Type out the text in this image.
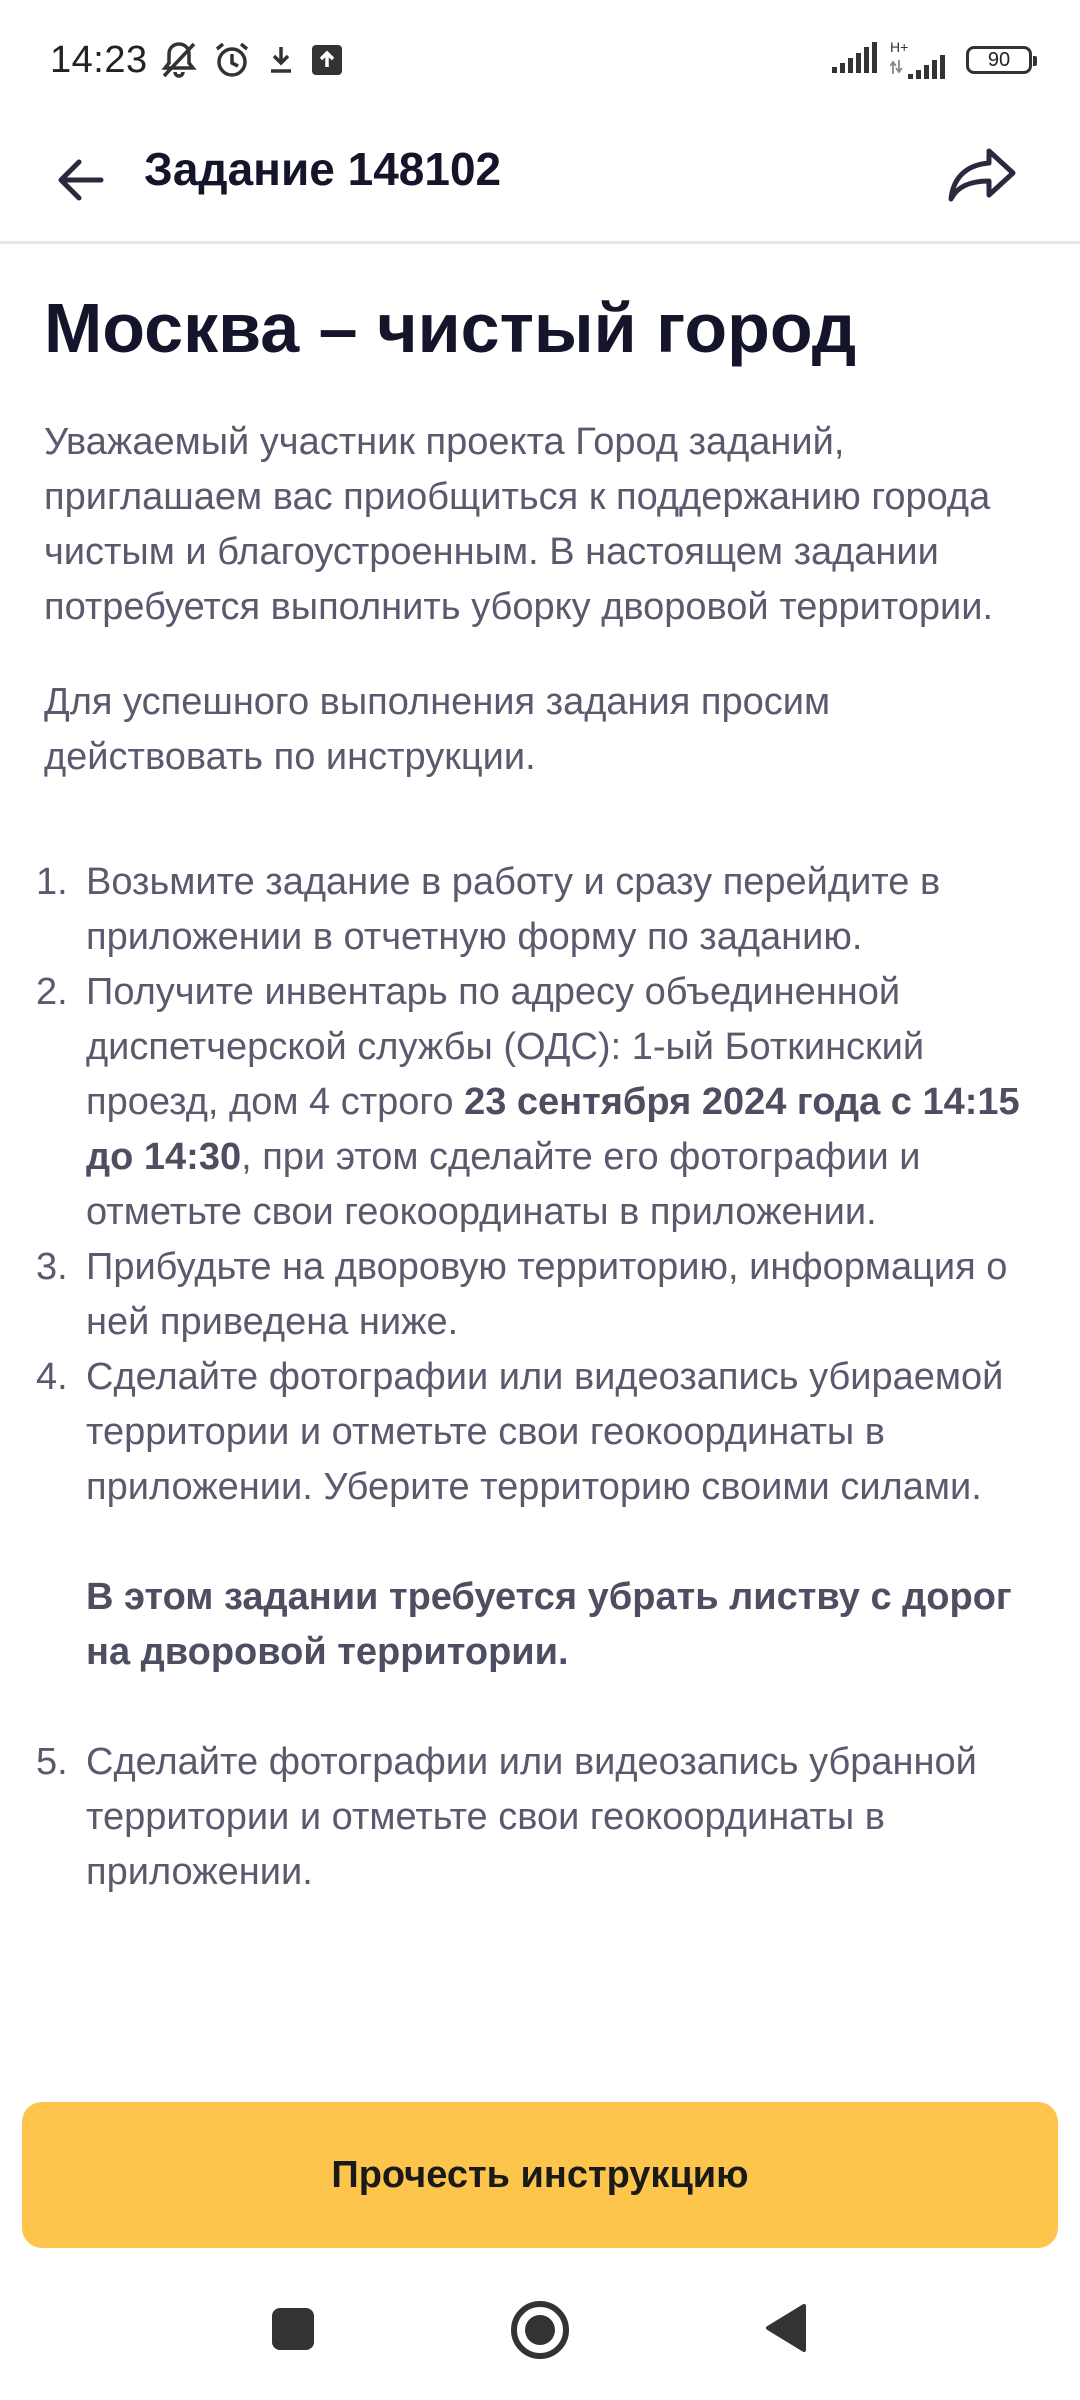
14:23	H+
90
Задание 148102
Москва – чистый город

Уважаемый участник проекта Город заданий, приглашаем вас приобщиться к поддержанию города чистым и благоустроенным. В настоящем задании потребуется выполнить уборку дворовой территории.

Для успешного выполнения задания просим действовать по инструкции.

1. Возьмите задание в работу и сразу перейдите в приложении в отчетную форму по заданию.
2. Получите инвентарь по адресу объединенной диспетчерской службы (ОДС): 1-ый Боткинский проезд, дом 4 строго 23 сентября 2024 года с 14:15 до 14:30, при этом сделайте его фотографии и отметьте свои геокоординаты в приложении.
3. Прибудьте на дворовую территорию, информация о ней приведена ниже.
4. Сделайте фотографии или видеозапись убираемой территории и отметьте свои геокоординаты в приложении. Уберите территорию своими силами.
В этом задании требуется убрать листву с дорог на дворовой территории.
5. Сделайте фотографии или видеозапись убранной территории и отметьте свои геокоординаты в приложении.
Прочесть инструкцию
